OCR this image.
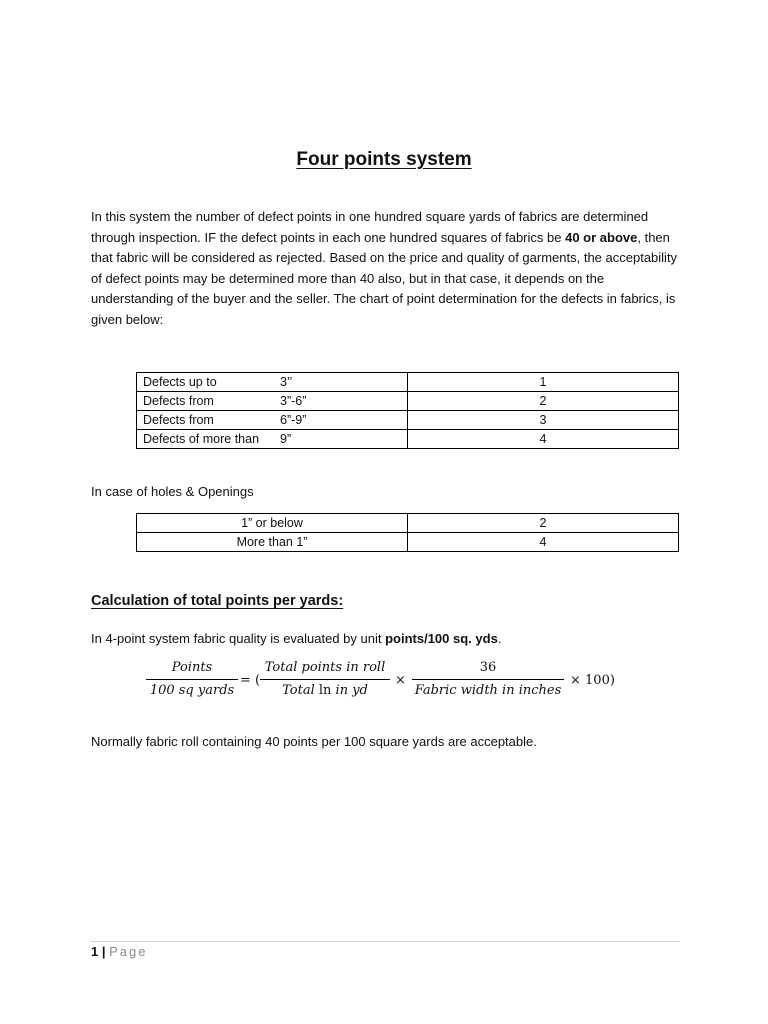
Four points system
In this system the number of defect points in one hundred square yards of fabrics are determined through inspection. IF the defect points in each one hundred squares of fabrics be 40 or above, then that fabric will be considered as rejected. Based on the price and quality of garments, the acceptability of defect points may be determined more than 40 also, but in that case, it depends on the understanding of the buyer and the seller. The chart of point determination for the defects in fabrics, is given below:
Defects up to 3’’	1
Defects from 3”-6”	2
Defects from 6”-9”	3
Defects of more than 9”	4
In case of holes & Openings
1” or below	2
More than 1”	4
Calculation of total points per yards:
In 4-point system fabric quality is evaluated by unit points/100 sq. yds.
Points
100 sq yards
= (
Total points in roll
Total ln in yd
×
36
Fabric width in inches
× 100)
Normally fabric roll containing 40 points per 100 square yards are acceptable.
1 | Page
